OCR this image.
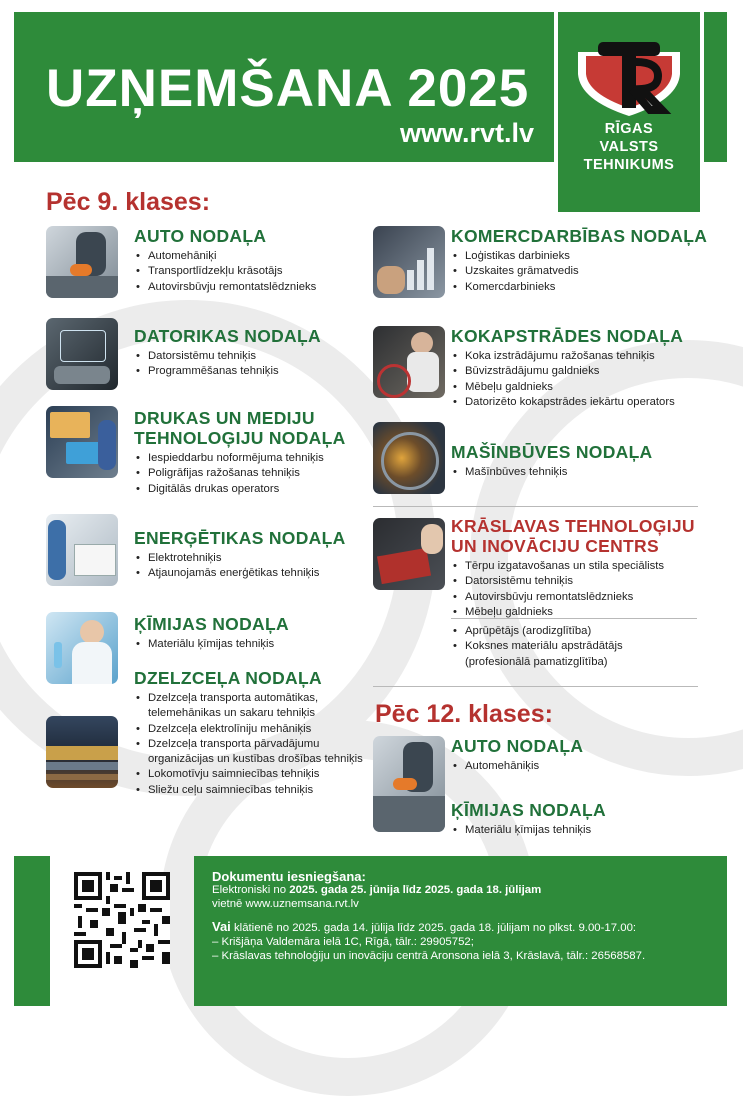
UZŅEMŠANA 2025
www.rvt.lv	RĪGAS
VALSTS
TEHNIKUMS
Pēc 9. klases:
AUTO NODAĻA
• Automehāniķi
• Transportlīdzekļu krāsotājs
• Autovirsbūvju remontatslēdznieks
DATORIKAS NODAĻA
• Datorsistēmu tehniķis
• Programmēšanas tehniķis
DRUKAS UN MEDIJU
TEHNOLOĢIJU NODAĻA
• Iespieddarbu noformējuma tehniķis
• Poligrāfijas ražošanas tehniķis
• Digitālās drukas operators
ENERĢĒTIKAS NODAĻA
• Elektrotehniķis
• Atjaunojamās enerģētikas tehniķis
ĶĪMIJAS NODAĻA
• Materiālu ķīmijas tehniķis
DZELZCEĻA NODAĻA
• Dzelzceļa transporta automātikas, telemehānikas un sakaru tehniķis
• Dzelzceļa elektrolīniju mehāniķis
• Dzelzceļa transporta pārvadājumu organizācijas un kustības drošības tehniķis
• Lokomotīvju saimniecības tehniķis
• Sliežu ceļu saimniecības tehniķis
KOMERCDARBĪBAS NODAĻA
• Loģistikas darbinieks
• Uzskaites grāmatvedis
• Komercdarbinieks
KOKAPSTRĀDES NODAĻA
• Koka izstrādājumu ražošanas tehniķis
• Būvizstrādājumu galdnieks
• Mēbeļu galdnieks
• Datorizēto kokapstrādes iekārtu operators
MAŠĪNBŪVES NODAĻA
• Mašīnbūves tehniķis
KRĀSLAVAS TEHNOLOĢIJU
UN INOVĀCIJU CENTRS
• Tērpu izgatavošanas un stila speciālists
• Datorsistēmu tehniķis
• Autovirsbūvju remontatslēdznieks
• Mēbeļu galdnieks
• Aprūpētājs (arodizglītība)
• Koksnes materiālu apstrādātājs
(profesionālā pamatizglītība)
Pēc 12. klases:
AUTO NODAĻA
• Automehāniķis
ĶĪMIJAS NODAĻA
• Materiālu ķīmijas tehniķis
Dokumentu iesniegšana:
Elektroniski no 2025. gada 25. jūnija līdz 2025. gada 18. jūlijam
vietnē www.uznemsana.rvt.lv
Vai klātienē no 2025. gada 14. jūlija līdz 2025. gada 18. jūlijam no plkst. 9.00-17.00:
– Krišjāņa Valdemāra ielā 1C, Rīgā, tālr.: 29905752;
– Krāslavas tehnoloģiju un inovāciju centrā Aronsona ielā 3, Krāslavā, tālr.: 26568587.
